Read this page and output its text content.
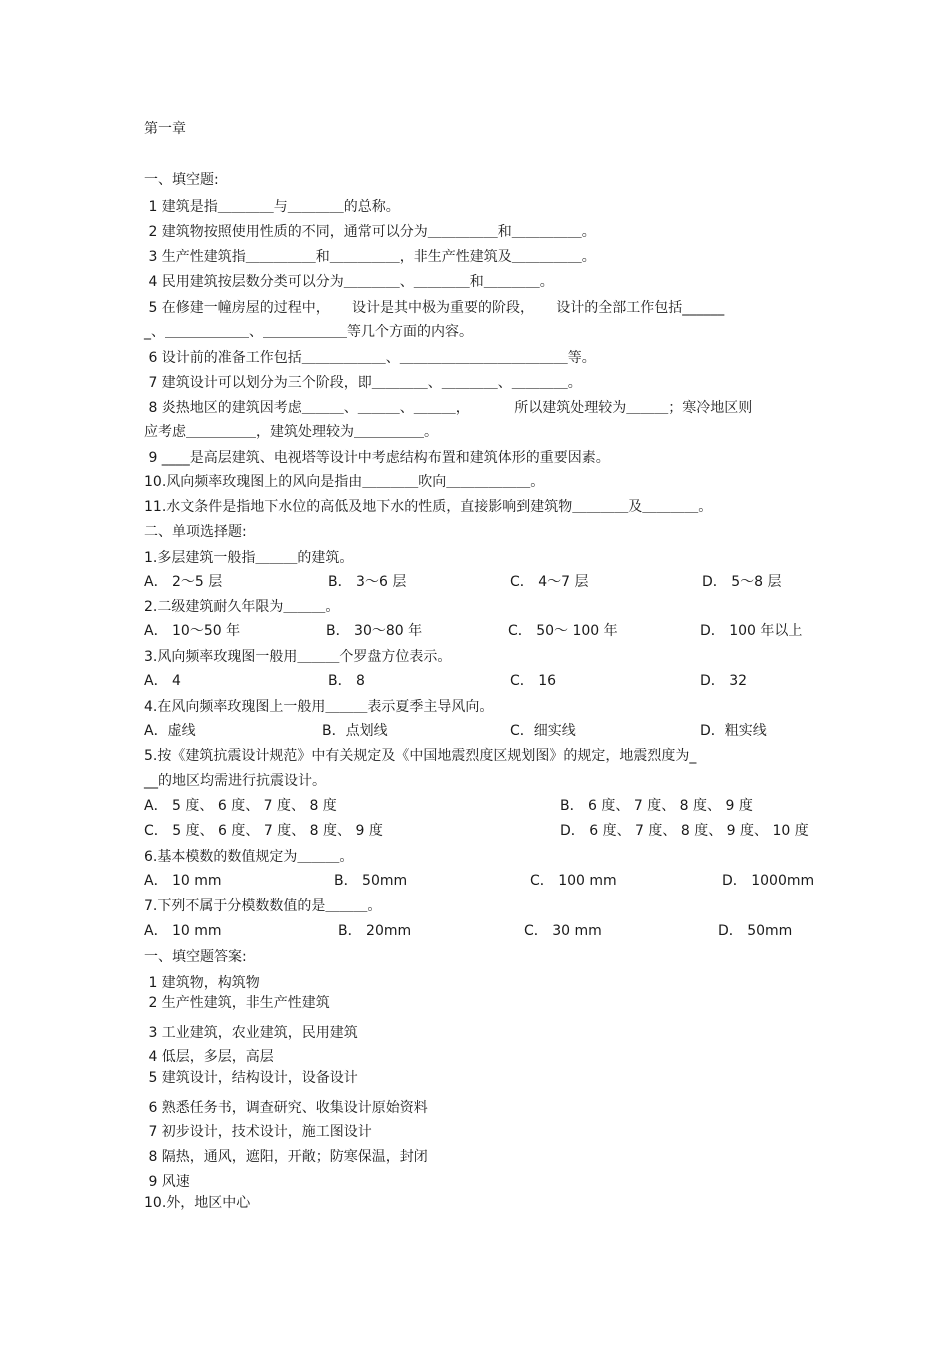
第一章
一、填空题:
1 建筑是指＿＿＿＿与＿＿＿＿的总称。
2 建筑物按照使用性质的不同，通常可以分为＿＿＿＿＿和＿＿＿＿＿。
3 生产性建筑指＿＿＿＿＿和＿＿＿＿＿，非生产性建筑及＿＿＿＿＿。
4 民用建筑按层数分类可以分为＿＿＿＿、＿＿＿＿和＿＿＿＿。
5 在修建一幢房屋的过程中，     设计是其中极为重要的阶段，     设计的全部工作包括______
_、＿＿＿＿＿＿、＿＿＿＿＿＿等几个方面的内容。
6 设计前的准备工作包括＿＿＿＿＿＿、＿＿＿＿＿＿＿＿＿＿＿＿等。
7 建筑设计可以划分为三个阶段，即＿＿＿＿、＿＿＿＿、＿＿＿＿。
8 炎热地区的建筑因考虑＿＿＿、＿＿＿、＿＿＿，          所以建筑处理较为＿＿＿；寒冷地区则
应考虑＿＿＿＿＿，建筑处理较为＿＿＿＿＿。
9 ____是高层建筑、电视塔等设计中考虑结构布置和建筑体形的重要因素。
10.风向频率玫瑰图上的风向是指由＿＿＿＿吹向＿＿＿＿＿＿。
11.水文条件是指地下水位的高低及地下水的性质，直接影响到建筑物＿＿＿＿及＿＿＿＿。
二、单项选择题:
1.多层建筑一般指＿＿＿的建筑。
A． 2～5 层	B． 3～6 层	C． 4～7 层	D． 5～8 层
2.二级建筑耐久年限为＿＿＿。
A． 10～50 年	B． 30～80 年	C． 50～ 100 年	D． 100 年以上
3.风向频率玫瑰图一般用＿＿＿个罗盘方位表示。
A． 4	B． 8	C． 16	D． 32
4.在风向频率玫瑰图上一般用＿＿＿表示夏季主导风向。
A．虚线	B．点划线	C．细实线	D．粗实线
5.按《建筑抗震设计规范》中有关规定及《中国地震烈度区规划图》的规定，地震烈度为_
__的地区均需进行抗震设计。
A． 5 度、 6 度、 7 度、 8 度	B． 6 度、 7 度、 8 度、 9 度
C． 5 度、 6 度、 7 度、 8 度、 9 度	D． 6 度、 7 度、 8 度、 9 度、 10 度
6.基本模数的数值规定为＿＿＿。
A． 10 mm	B． 50mm	C． 100 mm	D． 1000mm
7.下列不属于分模数数值的是＿＿＿。
A． 10 mm	B． 20mm	C． 30 mm	D． 50mm
一、填空题答案:
1 建筑物，构筑物
2 生产性建筑，非生产性建筑
3 工业建筑，农业建筑，民用建筑
4 低层，多层，高层
5 建筑设计，结构设计，设备设计
6 熟悉任务书，调查研究、收集设计原始资料
7 初步设计，技术设计，施工图设计
8 隔热，通风，遮阳，开敞；防寒保温，封闭
9 风速
10.外，地区中心
